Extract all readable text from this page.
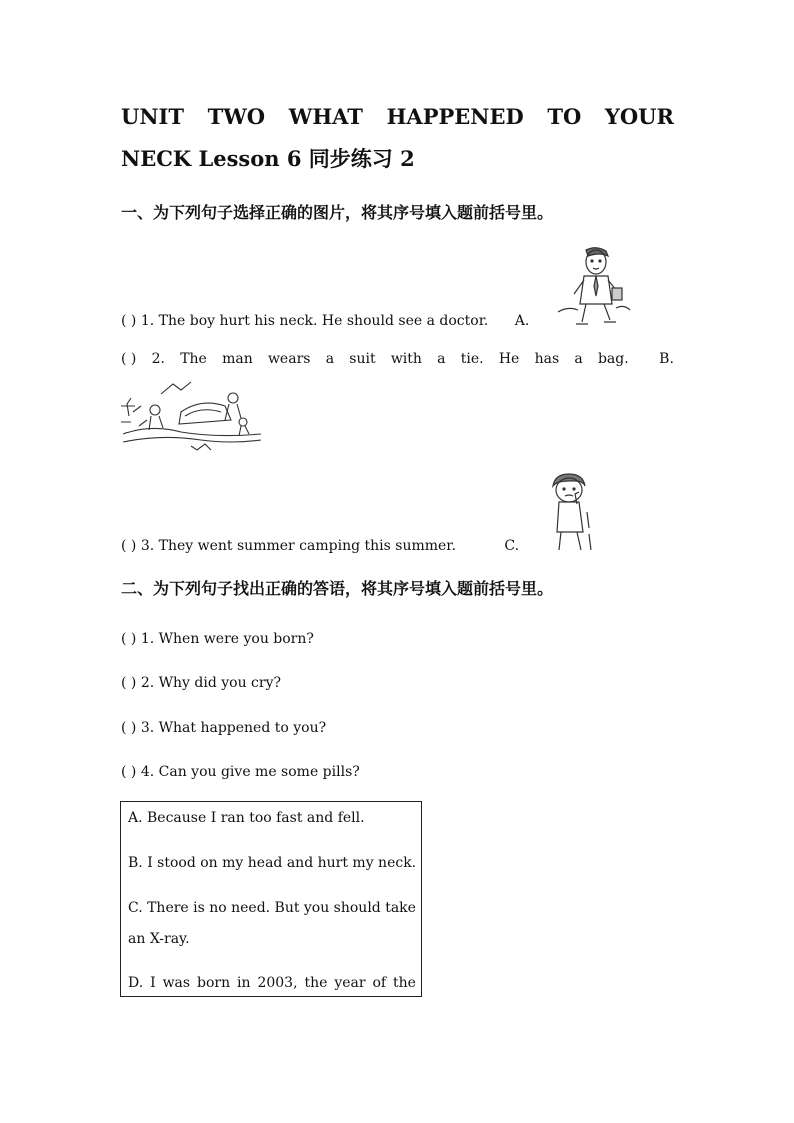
UNIT TWO WHAT HAPPENED TO YOUR
NECK Lesson 6 同步练习 2
一、为下列句子选择正确的图片，将其序号填入题前括号里。
( ) 1. The boy hurt his neck. He should see a doctor. A.
( ) 2. The man wears a suit with a tie. He has a bag. B.
( ) 3. They went summer camping this summer.	C.
二、为下列句子找出正确的答语，将其序号填入题前括号里。
( ) 1. When were you born?
( ) 2. Why did you cry?
( ) 3. What happened to you?
( ) 4. Can you give me some pills?
A. Because I ran too fast and fell.
B. I stood on my head and hurt my neck.
C. There is no need. But you should take
an X-ray.
D. I was born in 2003, the year of the
